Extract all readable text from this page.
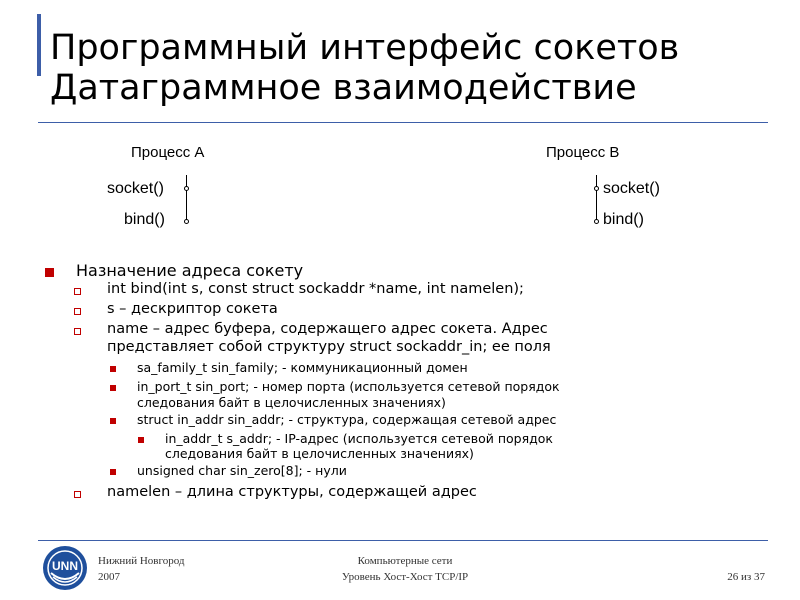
Программный интерфейс сокетов
Датаграммное взаимодействие
Процесс A
socket()
bind()
Процесс B
socket()
bind()
Назначение адреса сокету
int bind(int s, const struct sockaddr *name, int namelen);
s – дескриптор сокета
name – адрес буфера, содержащего адрес сокета. Адрес
представляет собой структуру struct sockaddr_in; ее поля
sa_family_t sin_family; - коммуникационный домен
in_port_t sin_port; - номер порта (используется сетевой порядок
следования байт в целочисленных значениях)
struct in_addr sin_addr; - структура, содержащая сетевой адрес
in_addr_t s_addr; - IP-адрес (используется сетевой порядок
следования байт в целочисленных значениях)
unsigned char sin_zero[8]; - нули
namelen – длина структуры, содержащей адрес
UNN Нижний Новгород
2007
Компьютерные сети
Уровень Хост-Хост TCP/IP	26 из 37
